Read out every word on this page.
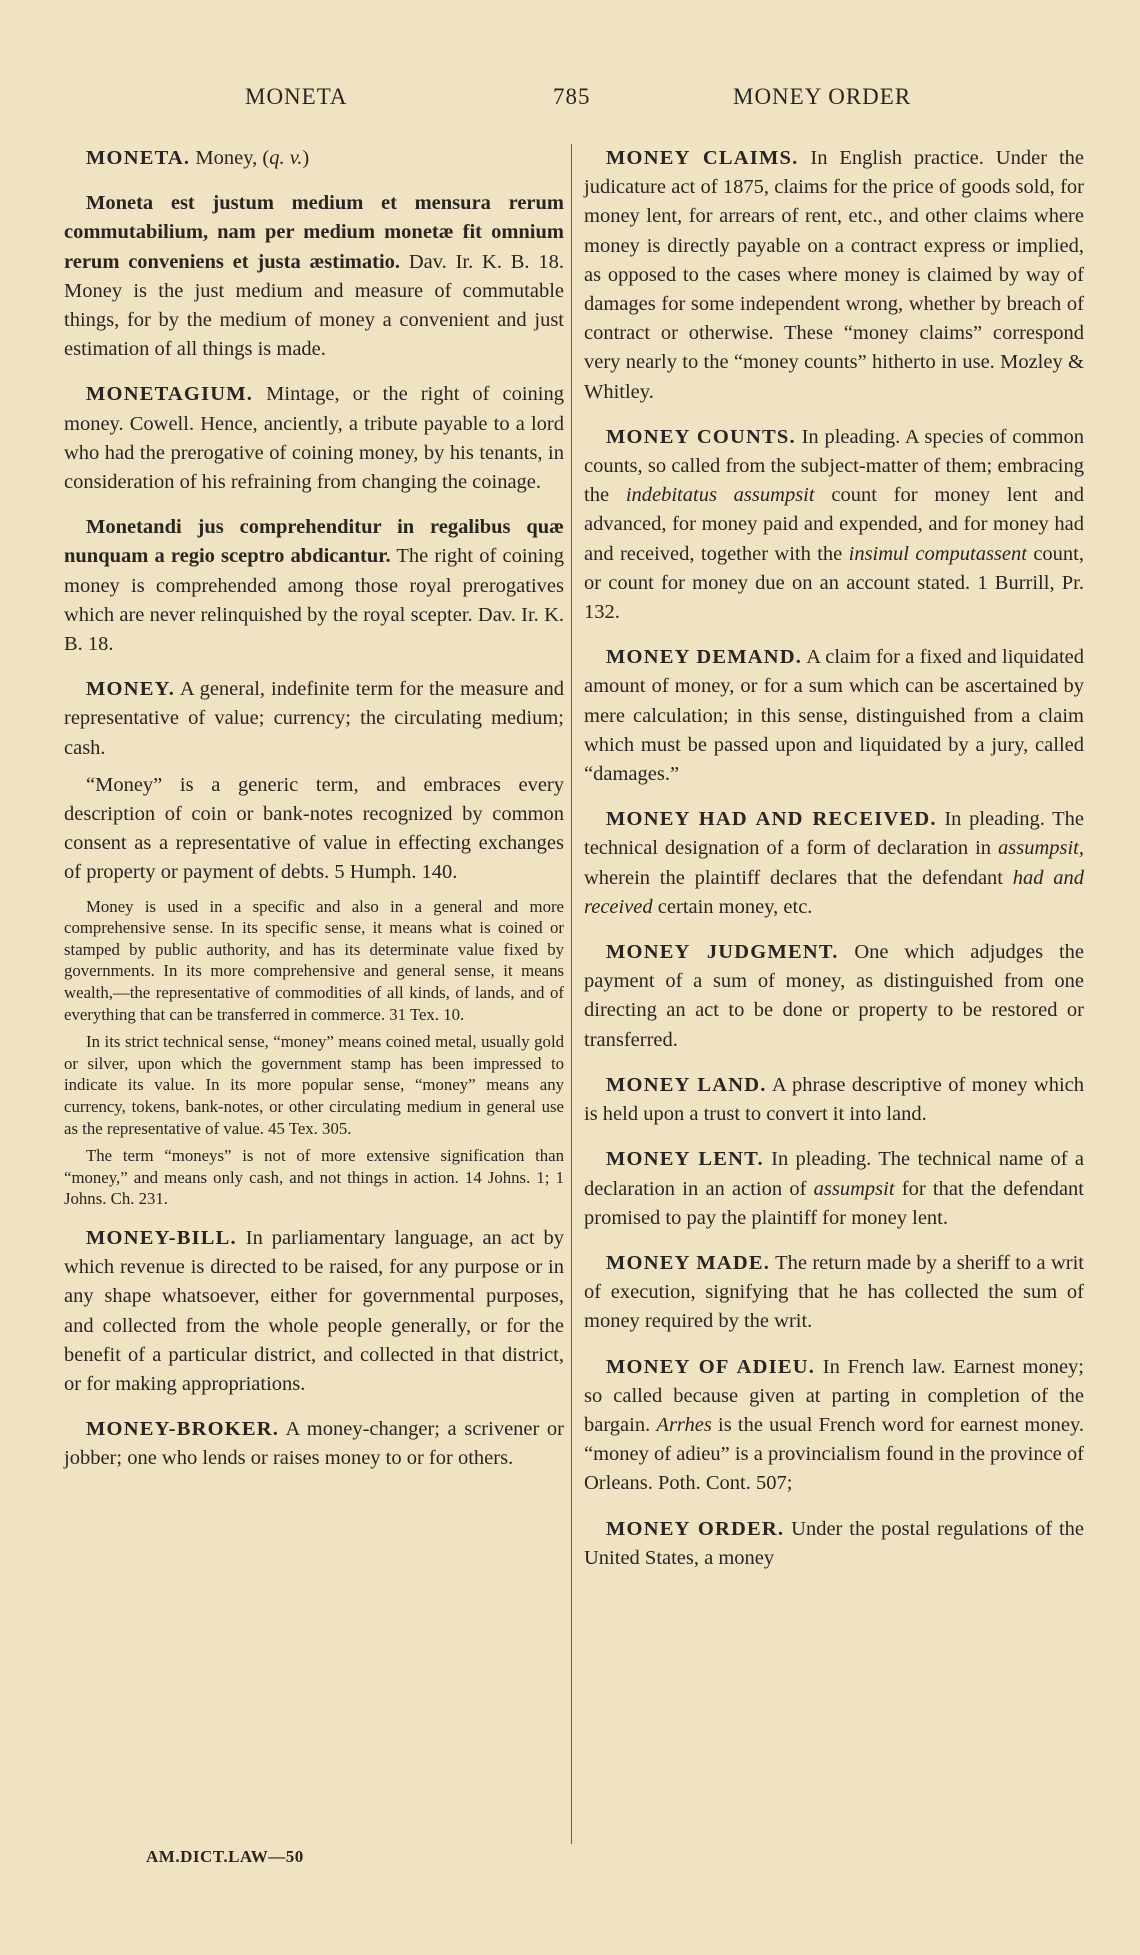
MONETA	785	MONEY ORDER

MONETA. Money, (q. v.)

Moneta est justum medium et mensura rerum commutabilium, nam per medium monetæ fit omnium rerum conveniens et justa æstimatio. Dav. Ir. K. B. 18. Money is the just medium and measure of commutable things, for by the medium of money a convenient and just estimation of all things is made.

MONETAGIUM. Mintage, or the right of coining money. Cowell. Hence, anciently, a tribute payable to a lord who had the prerogative of coining money, by his tenants, in consideration of his refraining from changing the coinage.

Monetandi jus comprehenditur in regalibus quæ nunquam a regio sceptro abdicantur. The right of coining money is comprehended among those royal prerogatives which are never relinquished by the royal scepter. Dav. Ir. K. B. 18.

MONEY. A general, indefinite term for the measure and representative of value; currency; the circulating medium; cash.

“Money” is a generic term, and embraces every description of coin or bank-notes recognized by common consent as a representative of value in effecting exchanges of property or payment of debts. 5 Humph. 140.

Money is used in a specific and also in a general and more comprehensive sense. In its specific sense, it means what is coined or stamped by public authority, and has its determinate value fixed by governments. In its more comprehensive and general sense, it means wealth,—the representative of commodities of all kinds, of lands, and of everything that can be transferred in commerce. 31 Tex. 10.

In its strict technical sense, “money” means coined metal, usually gold or silver, upon which the government stamp has been impressed to indicate its value. In its more popular sense, “money” means any currency, tokens, bank-notes, or other circulating medium in general use as the representative of value. 45 Tex. 305.

The term “moneys” is not of more extensive signification than “money,” and means only cash, and not things in action. 14 Johns. 1; 1 Johns. Ch. 231.

MONEY-BILL. In parliamentary language, an act by which revenue is directed to be raised, for any purpose or in any shape whatsoever, either for governmental purposes, and collected from the whole people generally, or for the benefit of a particular district, and collected in that district, or for making appropriations.

MONEY-BROKER. A money-changer; a scrivener or jobber; one who lends or raises money to or for others.

MONEY CLAIMS. In English practice. Under the judicature act of 1875, claims for the price of goods sold, for money lent, for arrears of rent, etc., and other claims where money is directly payable on a contract express or implied, as opposed to the cases where money is claimed by way of damages for some independent wrong, whether by breach of contract or otherwise. These “money claims” correspond very nearly to the “money counts” hitherto in use. Mozley & Whitley.

MONEY COUNTS. In pleading. A species of common counts, so called from the subject-matter of them; embracing the indebitatus assumpsit count for money lent and advanced, for money paid and expended, and for money had and received, together with the insimul computassent count, or count for money due on an account stated. 1 Burrill, Pr. 132.

MONEY DEMAND. A claim for a fixed and liquidated amount of money, or for a sum which can be ascertained by mere calculation; in this sense, distinguished from a claim which must be passed upon and liquidated by a jury, called “damages.”

MONEY HAD AND RECEIVED. In pleading. The technical designation of a form of declaration in assumpsit, wherein the plaintiff declares that the defendant had and received certain money, etc.

MONEY JUDGMENT. One which adjudges the payment of a sum of money, as distinguished from one directing an act to be done or property to be restored or transferred.

MONEY LAND. A phrase descriptive of money which is held upon a trust to convert it into land.

MONEY LENT. In pleading. The technical name of a declaration in an action of assumpsit for that the defendant promised to pay the plaintiff for money lent.

MONEY MADE. The return made by a sheriff to a writ of execution, signifying that he has collected the sum of money required by the writ.

MONEY OF ADIEU. In French law. Earnest money; so called because given at parting in completion of the bargain. Arrhes is the usual French word for earnest money. “money of adieu” is a provincialism found in the province of Orleans. Poth. Cont. 507;

MONEY ORDER. Under the postal regulations of the United States, a money

AM.DICT.LAW—50
